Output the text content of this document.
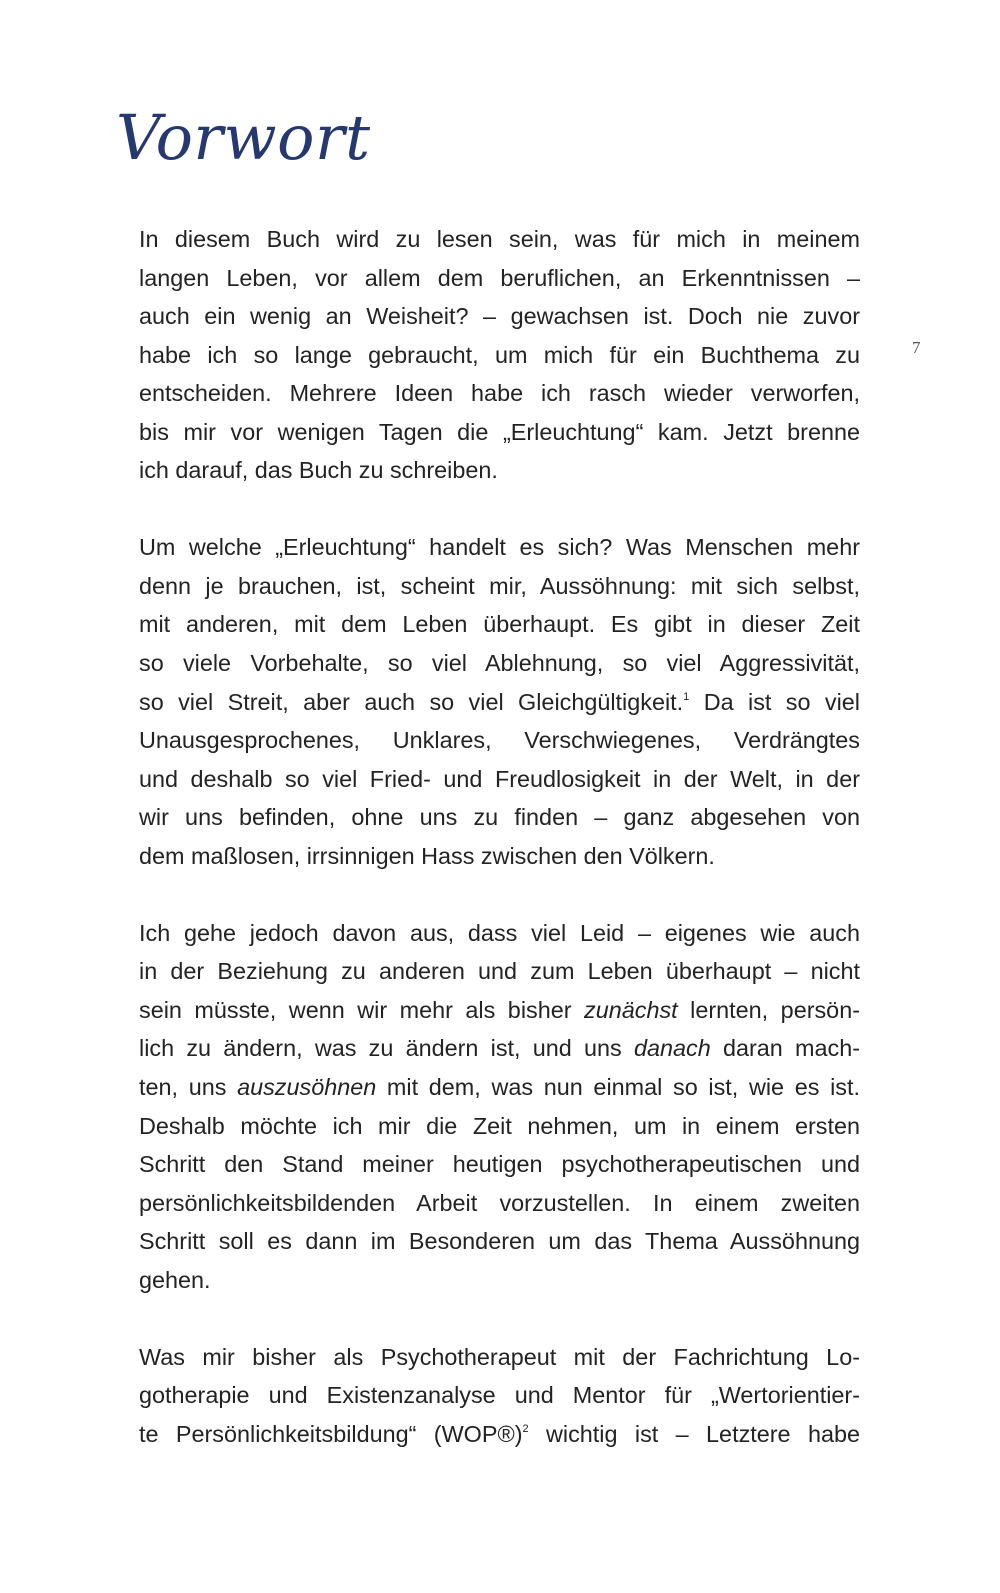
Vorwort
7

In diesem Buch wird zu lesen sein, was für mich in meinem
langen Leben, vor allem dem beruflichen, an Erkenntnissen –
auch ein wenig an Weisheit? – gewachsen ist. Doch nie zuvor
habe ich so lange gebraucht, um mich für ein Buchthema zu
entscheiden. Mehrere Ideen habe ich rasch wieder verworfen,
bis mir vor wenigen Tagen die „Erleuchtung“ kam. Jetzt brenne
ich darauf, das Buch zu schreiben.

Um welche „Erleuchtung“ handelt es sich? Was Menschen mehr
denn je brauchen, ist, scheint mir, Aussöhnung: mit sich selbst,
mit anderen, mit dem Leben überhaupt. Es gibt in dieser Zeit
so viele Vorbehalte, so viel Ablehnung, so viel Aggressivität,
so viel Streit, aber auch so viel Gleichgültigkeit.$^1$ Da ist so viel
Unausgesprochenes, Unklares, Verschwiegenes, Verdrängtes
und deshalb so viel Fried- und Freudlosigkeit in der Welt, in der
wir uns befinden, ohne uns zu finden – ganz abgesehen von
dem maßlosen, irrsinnigen Hass zwischen den Völkern.

Ich gehe jedoch davon aus, dass viel Leid – eigenes wie auch
in der Beziehung zu anderen und zum Leben überhaupt – nicht
sein müsste, wenn wir mehr als bisher zunächst lernten, persön-
lich zu ändern, was zu ändern ist, und uns danach daran mach-
ten, uns auszusöhnen mit dem, was nun einmal so ist, wie es ist.
Deshalb möchte ich mir die Zeit nehmen, um in einem ersten
Schritt den Stand meiner heutigen psychotherapeutischen und
persönlichkeitsbildenden Arbeit vorzustellen. In einem zweiten
Schritt soll es dann im Besonderen um das Thema Aussöhnung
gehen.

Was mir bisher als Psychotherapeut mit der Fachrichtung Lo-
gotherapie und Existenzanalyse und Mentor für „Wertorientier-
te Persönlichkeitsbildung“ (WOP®)$^2$ wichtig ist – Letztere habe
